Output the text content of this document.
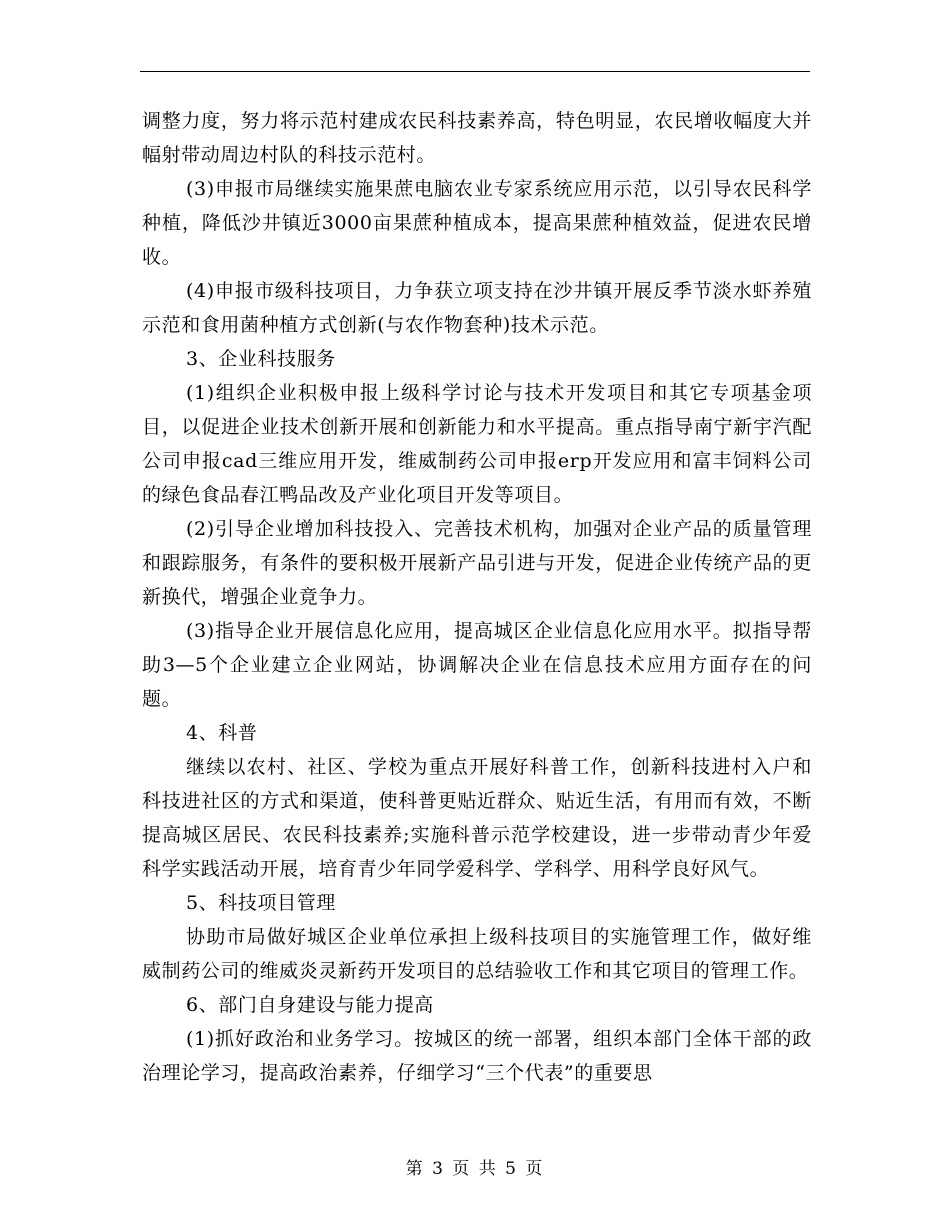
调整力度，努力将示范村建成农民科技素养高，特色明显，农民增收幅度大并幅射带动周边村队的科技示范村。

(3)申报市局继续实施果蔗电脑农业专家系统应用示范，以引导农民科学种植，降低沙井镇近3000亩果蔗种植成本，提高果蔗种植效益，促进农民增收。

(4)申报市级科技项目，力争获立项支持在沙井镇开展反季节淡水虾养殖示范和食用菌种植方式创新(与农作物套种)技术示范。

3、企业科技服务

(1)组织企业积极申报上级科学讨论与技术开发项目和其它专项基金项目，以促进企业技术创新开展和创新能力和水平提高。重点指导南宁新宇汽配公司申报cad三维应用开发，维威制药公司申报erp开发应用和富丰饲料公司的绿色食品春江鸭品改及产业化项目开发等项目。

(2)引导企业增加科技投入、完善技术机构，加强对企业产品的质量管理和跟踪服务，有条件的要积极开展新产品引进与开发，促进企业传统产品的更新换代，增强企业竟争力。

(3)指导企业开展信息化应用，提高城区企业信息化应用水平。拟指导帮助3—5个企业建立企业网站，协调解决企业在信息技术应用方面存在的问题。

4、科普

继续以农村、社区、学校为重点开展好科普工作，创新科技进村入户和科技进社区的方式和渠道，使科普更贴近群众、贴近生活，有用而有效，不断提高城区居民、农民科技素养;实施科普示范学校建设，进一步带动青少年爱科学实践活动开展，培育青少年同学爱科学、学科学、用科学良好风气。

5、科技项目管理

协助市局做好城区企业单位承担上级科技项目的实施管理工作，做好维威制药公司的维威炎灵新药开发项目的总结验收工作和其它项目的管理工作。

6、部门自身建设与能力提高

(1)抓好政治和业务学习。按城区的统一部署，组织本部门全体干部的政治理论学习，提高政治素养，仔细学习“三个代表”的重要思

第 3 页 共 5 页
